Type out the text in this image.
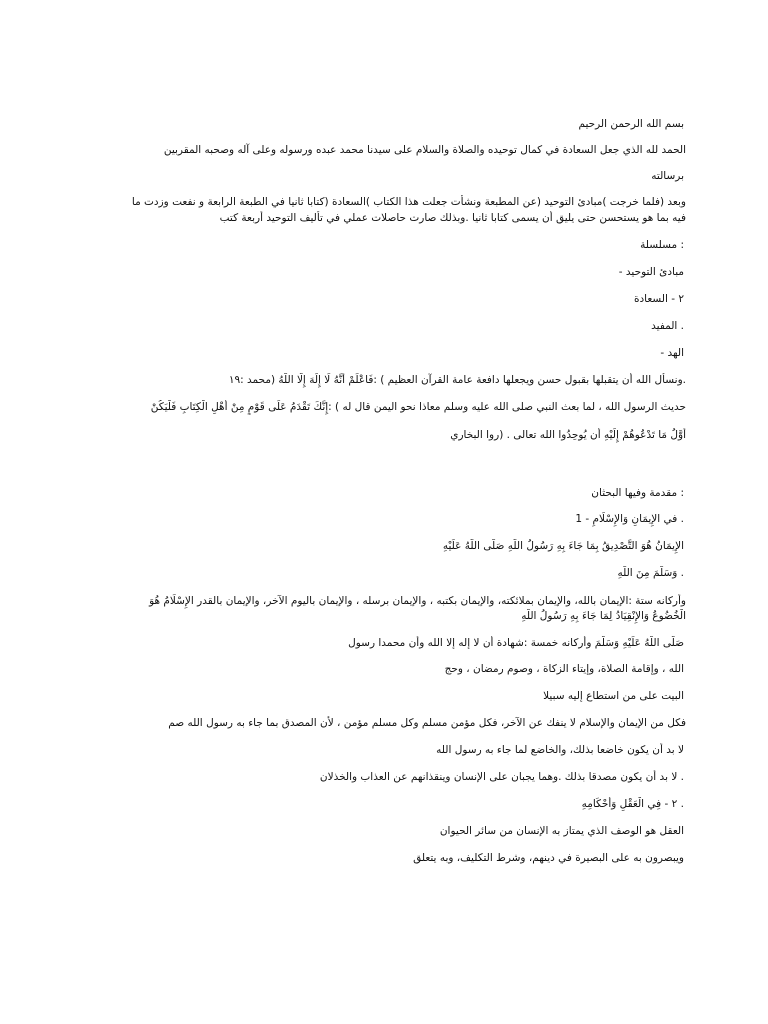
بسم الله الرحمن الرحيم
الحمد لله الذي جعل السعادة في كمال توحيده والصلاة والسلام على سيدنا محمد عبده ورسوله وعلى آله وصحبه المقربين
برسالته
وبعد (فلما خرجت )مبادئ التوحيد (عن المطبعة ونشأت جعلت هذا الكتاب )السعادة (كتابا ثانيا في الطبعة الرابعة و نفعت وزدت ما
فيه بما هو يستحسن حتى يليق أن يسمى كتابا ثانيا .وبذلك صارت حاصلات عملي في تأليف التوحيد أربعة كتب
: مسلسلة
مبادئ التوحيد -
٢ - السعادة
. المفيد
الهد -
.ونسأل الله أن يتقبلها بقبول حسن ويجعلها دافعة عامة القرآن العظيم ) :فَاعْلَمْ أَنَّهُ لَا إِلَهَ إِلَّا اللَّهُ (محمد :١٩
حديث الرسول الله ، لما بعث النبي صلى الله عليه وسلم معاذا نحو اليمن قال له ) :إِنَّكَ تَقْدَمُ عَلَى قَوْمٍ مِنْ أَهْلِ الْكِتَابِ فَلْيَكُنْ
أَوَّلُ مَا تَدْعُوهُمْ إِلَيْهِ أَن يُوحِدُوا الله تعالى . (روا البخاري
: مقدمة وفيها البحثان
. في الإِيمَانِ وَالإِسْلَامِ - 1
الإِيمَانُ هُوَ التَّصْدِيقُ بِمَا جَاءَ بِهِ رَسُولُ اللَّهِ صَلَّى اللَّهُ عَلَيْهِ
. وَسَلَّمَ مِنَ اللَّهِ
وأركانه ستة :الإيمان بالله، والإيمان بملائكته، والإيمان بكتبه ، والإيمان برسله ، والإيمان باليوم الآخر، والإيمان بالقدر الإِسْلَامُ هُوَ
الْخُضُوعُ وَالإِنْقِيَادُ لِمَا جَاءَ بِهِ رَسُولُ اللَّهِ
صَلَّى اللَّهُ عَلَيْهِ وَسَلَّمَ وأركانه خمسة :شهادة أن لا إله إلا الله وأن محمدا رسول
الله ، وإقامة الصلاة، وإيتاء الزكاة ، وصوم رمضان ، وحج
البيت على من استطاع إليه سبيلا
فكل من الإيمان والإسلام لا ينفك عن الآخر، فكل مؤمن مسلم وكل مسلم مؤمن ، لأن المصدق بما جاء به رسول الله صم
لا بد أن يكون خاضعا بذلك، والخاضع لما جاء به رسول الله
. لا بد أن يكون مصدقا بذلك .وهما يجبان على الإنسان وينقذانهم عن العذاب والخذلان
. ٢ - فِي الْعَقْلِ وَأَحْكَامِهِ
العقل هو الوصف الذي يمتاز به الإنسان من سائر الحيوان
ويبصرون به على البصيرة في دينهم، وشرط التكليف، وبه يتعلق
